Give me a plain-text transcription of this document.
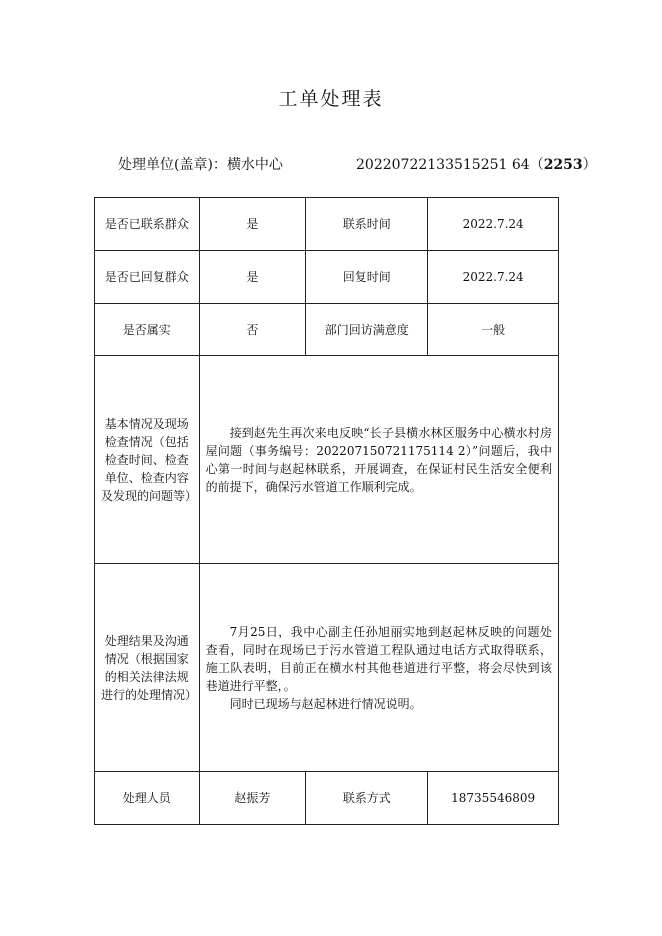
工单处理表
处理单位(盖章)：横水中心	20220722133515251 64（2253）
是否已联系群众	是	联系时间	2022.7.24
是否已回复群众	是	回复时间	2022.7.24
是否属实	否	部门回访满意度	一般
基本情况及现场检查情况（包括检查时间、检查单位、检查内容及发现的问题等）	接到赵先生再次来电反映“长子县横水林区服务中心横水村房屋问题（事务编号：202207150721175114 2）”问题后，我中心第一时间与赵起林联系，开展调查，在保证村民生活安全便利的前提下，确保污水管道工作顺利完成。		

处理结果及沟通情况（根据国家的相关法律法规进行的处理情况）	7月25日，我中心副主任孙旭丽实地到赵起林反映的问题处查看，同时在现场已于污水管道工程队通过电话方式取得联系，施工队表明，目前正在横水村其他巷道进行平整，将会尽快到该巷道进行平整，。

同时已现场与赵起林进行情况说明。		

处理人员	赵振芳	联系方式	18735546809
